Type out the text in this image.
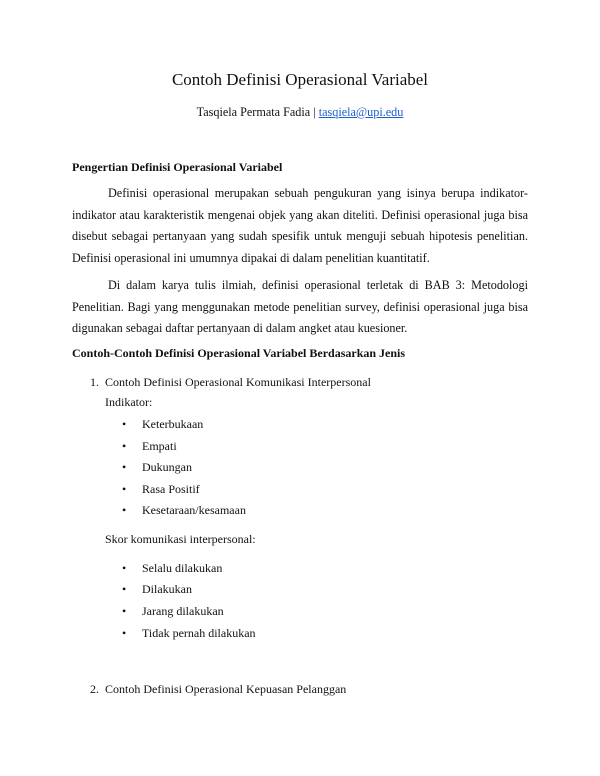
Contoh Definisi Operasional Variabel
Tasqiela Permata Fadia | tasqiela@upi.edu
Pengertian Definisi Operasional Variabel

Definisi operasional merupakan sebuah pengukuran yang isinya berupa indikator-indikator atau karakteristik mengenai objek yang akan diteliti. Definisi operasional juga bisa disebut sebagai pertanyaan yang sudah spesifik untuk menguji sebuah hipotesis penelitian. Definisi operasional ini umumnya dipakai di dalam penelitian kuantitatif.

Di dalam karya tulis ilmiah, definisi operasional terletak di BAB 3: Metodologi Penelitian. Bagi yang menggunakan metode penelitian survey, definisi operasional juga bisa digunakan sebagai daftar pertanyaan di dalam angket atau kuesioner.

Contoh-Contoh Definisi Operasional Variabel Berdasarkan Jenis
1. Contoh Definisi Operasional Komunikasi Interpersonal
Indikator:
• Keterbukaan
• Empati
• Dukungan
• Rasa Positif
• Kesetaraan/kesamaan
Skor komunikasi interpersonal:
• Selalu dilakukan
• Dilakukan
• Jarang dilakukan
• Tidak pernah dilakukan
2. Contoh Definisi Operasional Kepuasan Pelanggan
